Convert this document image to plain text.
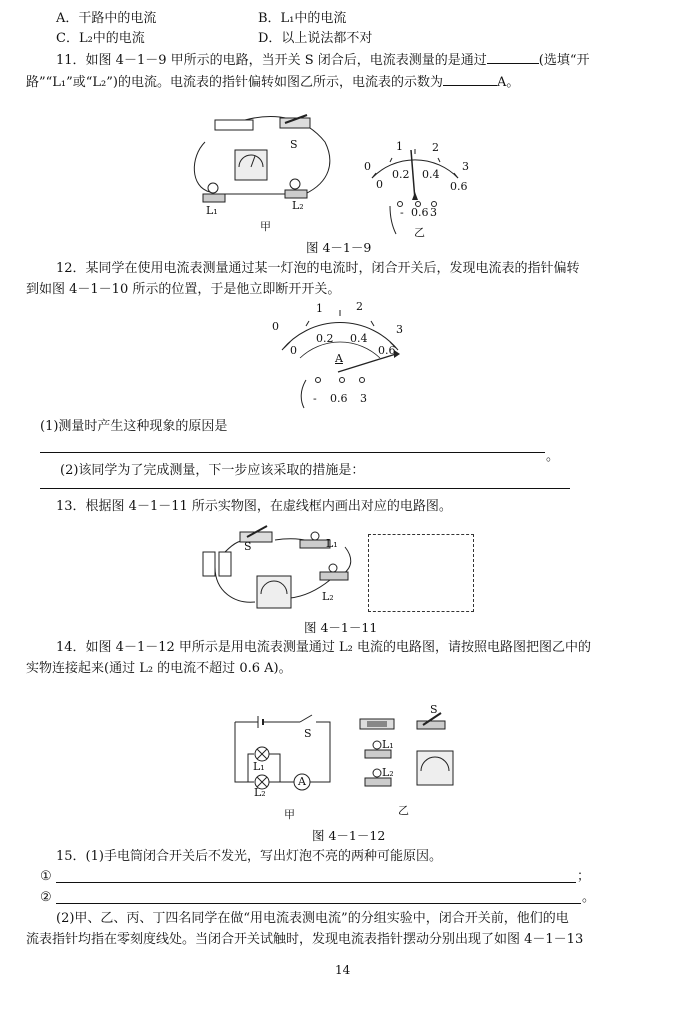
A．干路中的电流	B．L₁中的电流
C．L₂中的电流	D．以上说法都不对
11．如图 4－1－9 甲所示的电路，当开关 S 闭合后，电流表测量的是通过	(选填“开
路”“L₁”或“L₂”)的电流。电流表的指针偏转如图乙所示，电流表的示数为	A。
S
L₁	L₂
甲
1	2
3
0
0
0.2 0.4
0.6
- 0.6 3
乙
图 4－1－9
12．某同学在使用电流表测量通过某一灯泡的电流时，闭合开关后，发现电流表的指针偏转
到如图 4－1－10 所示的位置，于是他立即断开开关。
0
1	2
3
0
0.2 0.4
0.6
A
- 0.6 3
(1)测量时产生这种现象的原因是
。
(2)该同学为了完成测量，下一步应该采取的措施是：
13．根据图 4－1－11 所示实物图，在虚线框内画出对应的电路图。
S	L₁
L₂
图 4－1－11
14．如图 4－1－12 甲所示是用电流表测量通过 L₂ 电流的电路图，请按照电路图把图乙中的
实物连接起来(通过 L₂ 的电流不超过 0.6 A)。
S
L₁
L₂
A
甲
S
L₁
L₂
乙
图 4－1－12
15．(1)手电筒闭合开关后不发光，写出灯泡不亮的两种可能原因。
①	；
②	。
(2)甲、乙、丙、丁四名同学在做“用电流表测电流”的分组实验中，闭合开关前，他们的电
流表指针均指在零刻度线处。当闭合开关试触时，发现电流表指针摆动分别出现了如图 4－1－13
14
